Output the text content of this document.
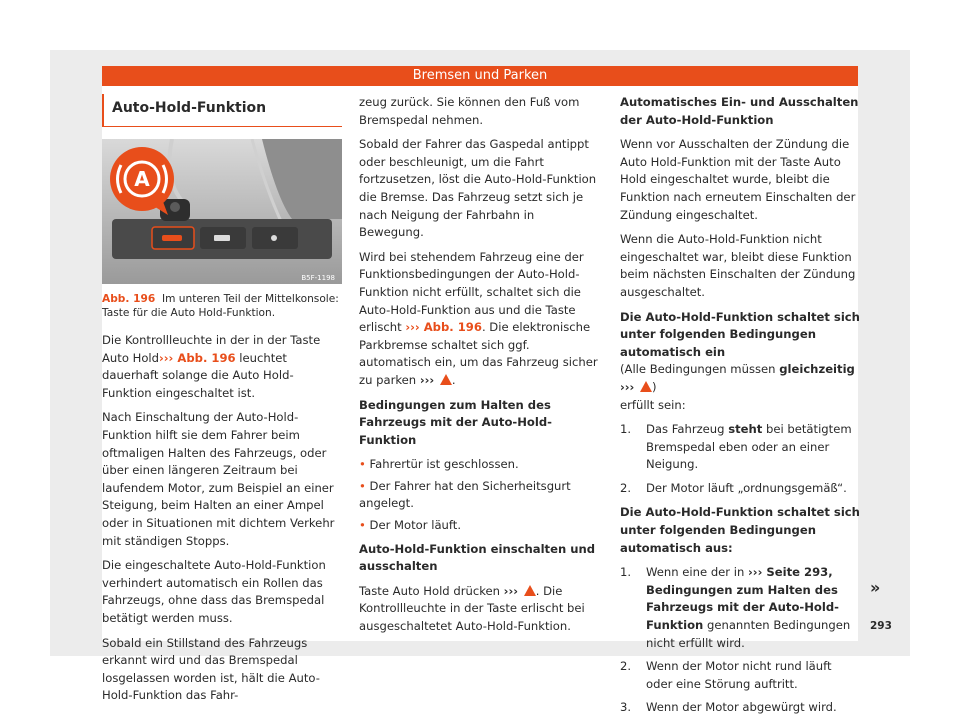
Bremsen und Parken
Auto-Hold-Funktion
A
B5F-1198
Abb. 196 Im unteren Teil der Mittelkonsole: Taste für die Auto Hold-Funktion.

Die Kontrollleuchte in der in der Taste Auto Hold››› Abb. 196 leuchtet dauerhaft solange die Auto Hold-Funktion eingeschaltet ist.

Nach Einschaltung der Auto-Hold-Funktion hilft sie dem Fahrer beim oftmaligen Halten des Fahrzeugs, oder über einen längeren Zeitraum bei laufendem Motor, zum Beispiel an einer Steigung, beim Halten an einer Ampel oder in Situationen mit dichtem Verkehr mit ständigen Stopps.

Die eingeschaltete Auto-Hold-Funktion verhindert automatisch ein Rollen das Fahrzeugs, ohne dass das Bremspedal betätigt werden muss.

Sobald ein Stillstand des Fahrzeugs erkannt wird und das Bremspedal losgelassen worden ist, hält die Auto-Hold-Funktion das Fahr-

zeug zurück. Sie können den Fuß vom Bremspedal nehmen.

Sobald der Fahrer das Gaspedal antippt oder beschleunigt, um die Fahrt fortzusetzen, löst die Auto-Hold-Funktion die Bremse. Das Fahrzeug setzt sich je nach Neigung der Fahrbahn in Bewegung.

Wird bei stehendem Fahrzeug eine der Funktionsbedingungen der Auto-Hold-Funktion nicht erfüllt, schaltet sich die Auto-Hold-Funktion aus und die Taste erlischt ››› Abb. 196. Die elektronische Parkbremse schaltet sich ggf. automatisch ein, um das Fahrzeug sicher zu parken ››› .

Bedingungen zum Halten des Fahrzeugs mit der Auto-Hold-Funktion

• Fahrertür ist geschlossen.
• Der Fahrer hat den Sicherheitsgurt angelegt.
• Der Motor läuft.

Auto-Hold-Funktion einschalten und ausschalten

Taste Auto Hold drücken ››› . Die Kontrollleuchte in der Taste erlischt bei ausgeschaltetet Auto-Hold-Funktion.

Automatisches Ein- und Ausschalten der Auto-Hold-Funktion

Wenn vor Ausschalten der Zündung die Auto Hold-Funktion mit der Taste Auto Hold eingeschaltet wurde, bleibt die Funktion nach erneutem Einschalten der Zündung eingeschaltet.

Wenn die Auto-Hold-Funktion nicht eingeschaltet war, bleibt diese Funktion beim nächsten Einschalten der Zündung ausgeschaltet.

Die Auto-Hold-Funktion schaltet sich unter folgenden Bedingungen automatisch ein
(Alle Bedingungen müssen gleichzeitig ››› )
erfüllt sein:

1. Das Fahrzeug steht bei betätigtem Bremspedal eben oder an einer Neigung.
2. Der Motor läuft „ordnungsgemäß“.

Die Auto-Hold-Funktion schaltet sich unter folgenden Bedingungen automatisch aus:

1. Wenn eine der in ››› Seite 293, Bedingungen zum Halten des Fahrzeugs mit der Auto-Hold-Funktion genannten Bedingungen nicht erfüllt wird.
2. Wenn der Motor nicht rund läuft oder eine Störung auftritt.
3. Wenn der Motor abgewürgt wird.
»
293
